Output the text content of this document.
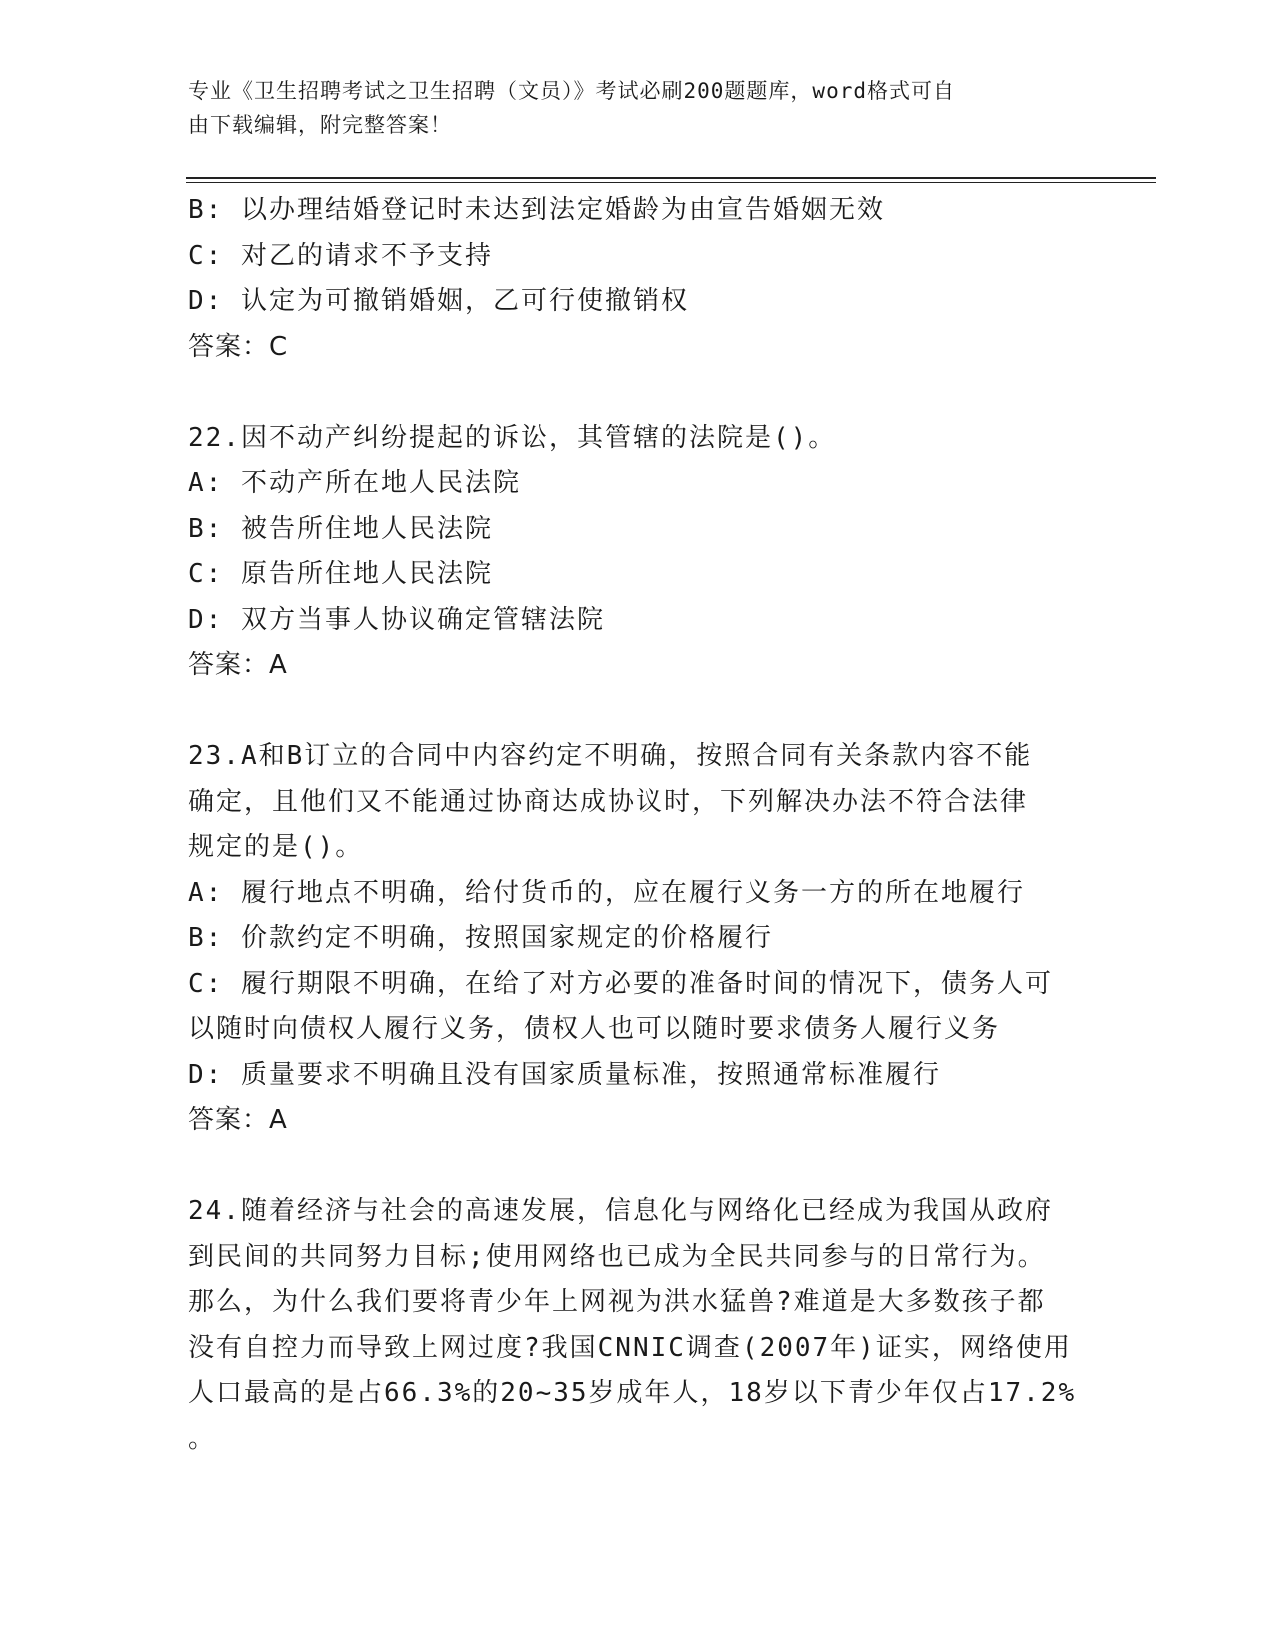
专业《卫生招聘考试之卫生招聘（文员）》考试必刷200题题库，word格式可自
由下载编辑，附完整答案！
B: 以办理结婚登记时未达到法定婚龄为由宣告婚姻无效
C: 对乙的请求不予支持
D: 认定为可撤销婚姻，乙可行使撤销权
答案：C
22.因不动产纠纷提起的诉讼，其管辖的法院是()。
A: 不动产所在地人民法院
B: 被告所住地人民法院
C: 原告所住地人民法院
D: 双方当事人协议确定管辖法院
答案：A
23.A和B订立的合同中内容约定不明确，按照合同有关条款内容不能
确定，且他们又不能通过协商达成协议时，下列解决办法不符合法律
规定的是()。
A: 履行地点不明确，给付货币的，应在履行义务一方的所在地履行
B: 价款约定不明确，按照国家规定的价格履行
C: 履行期限不明确，在给了对方必要的准备时间的情况下，债务人可
以随时向债权人履行义务，债权人也可以随时要求债务人履行义务
D: 质量要求不明确且没有国家质量标准，按照通常标准履行
答案：A
24.随着经济与社会的高速发展，信息化与网络化已经成为我国从政府
到民间的共同努力目标;使用网络也已成为全民共同参与的日常行为。
那么，为什么我们要将青少年上网视为洪水猛兽?难道是大多数孩子都
没有自控力而导致上网过度?我国CNNIC调查(2007年)证实，网络使用
人口最高的是占66.3%的20~35岁成年人，18岁以下青少年仅占17.2%
。
